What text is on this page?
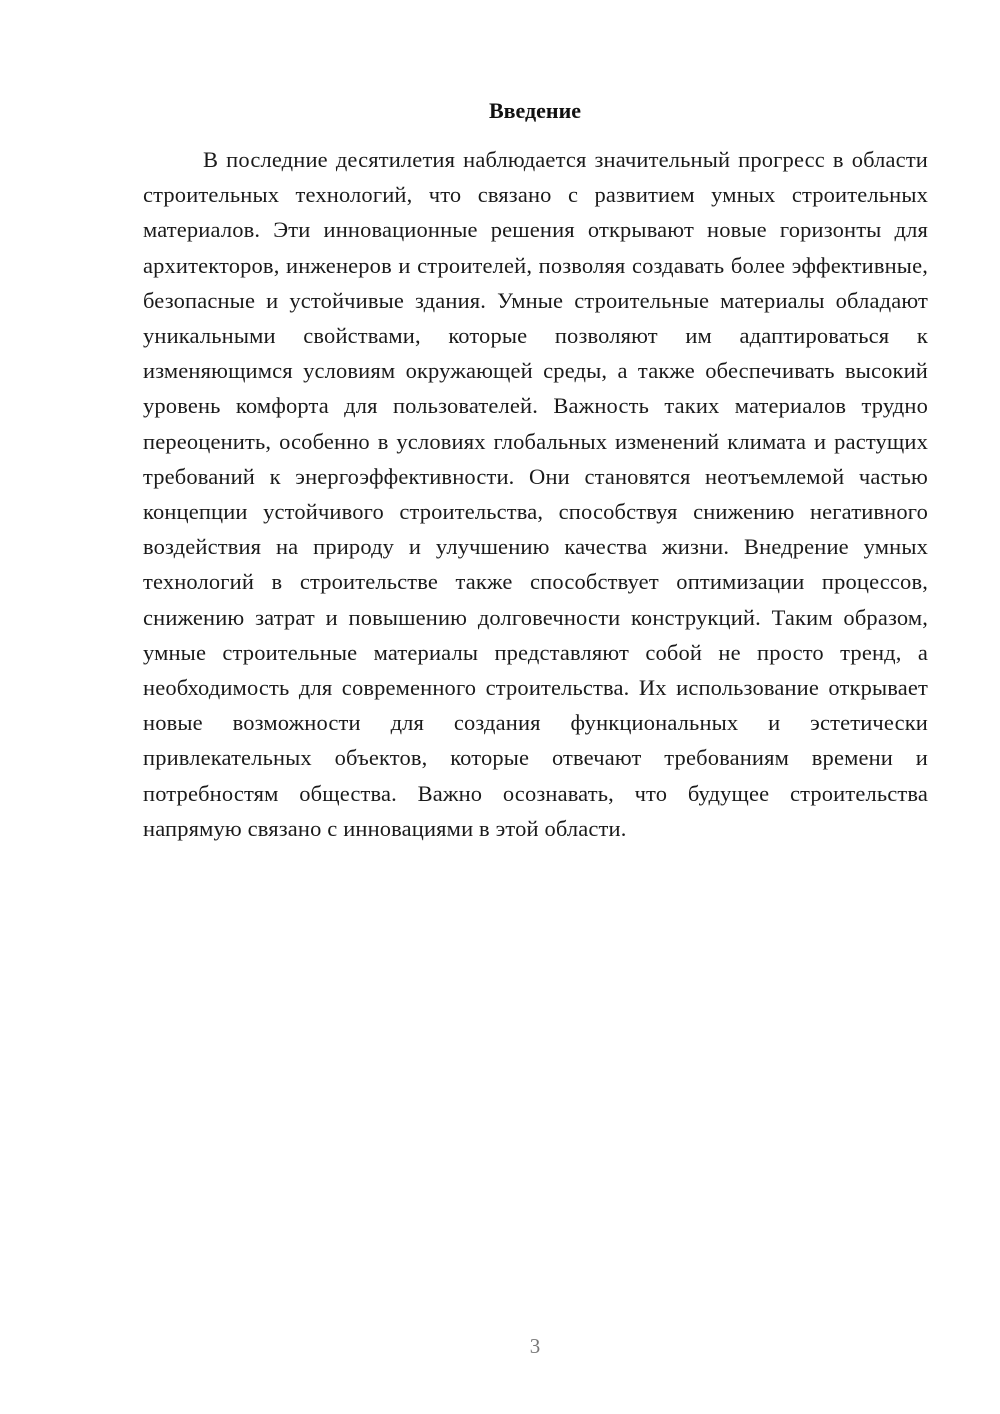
Введение

В последние десятилетия наблюдается значительный прогресс в области строительных технологий, что связано с развитием умных строительных материалов. Эти инновационные решения открывают новые горизонты для архитекторов, инженеров и строителей, позволяя создавать более эффективные, безопасные и устойчивые здания. Умные строительные материалы обладают уникальными свойствами, которые позволяют им адаптироваться к изменяющимся условиям окружающей среды, а также обеспечивать высокий уровень комфорта для пользователей. Важность таких материалов трудно переоценить, особенно в условиях глобальных изменений климата и растущих требований к энергоэффективности. Они становятся неотъемлемой частью концепции устойчивого строительства, способствуя снижению негативного воздействия на природу и улучшению качества жизни. Внедрение умных технологий в строительстве также способствует оптимизации процессов, снижению затрат и повышению долговечности конструкций. Таким образом, умные строительные материалы представляют собой не просто тренд, а необходимость для современного строительства. Их использование открывает новые возможности для создания функциональных и эстетически привлекательных объектов, которые отвечают требованиям времени и потребностям общества. Важно осознавать, что будущее строительства напрямую связано с инновациями в этой области.

3
